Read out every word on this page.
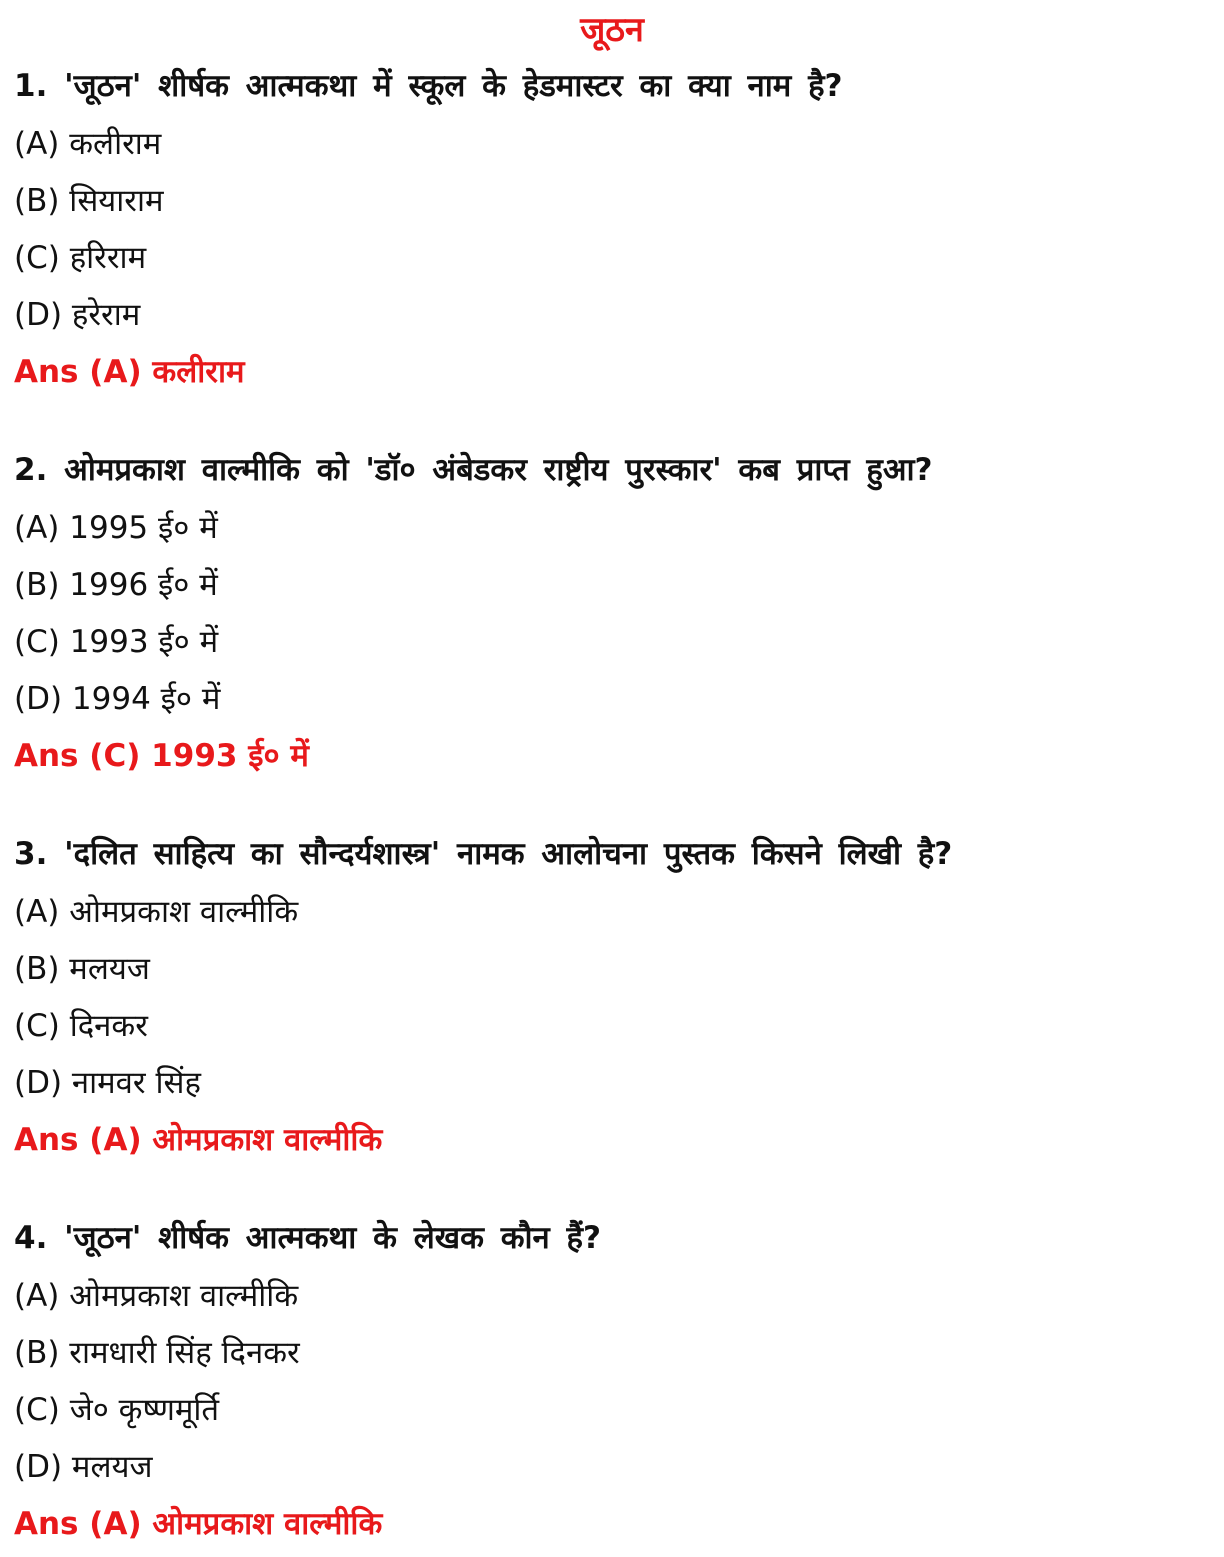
जूठन
1. 'जूठन' शीर्षक आत्मकथा में स्कूल के हेडमास्टर का क्या नाम है?
(A) कलीराम
(B) सियाराम
(C) हरिराम
(D) हरेराम
Ans (A) कलीराम
2. ओमप्रकाश वाल्मीकि को 'डॉ० अंबेडकर राष्ट्रीय पुरस्कार' कब प्राप्त हुआ?
(A) 1995 ई० में
(B) 1996 ई० में
(C) 1993 ई० में
(D) 1994 ई० में
Ans (C) 1993 ई० में
3. 'दलित साहित्य का सौन्दर्यशास्त्र' नामक आलोचना पुस्तक किसने लिखी है?
(A) ओमप्रकाश वाल्मीकि
(B) मलयज
(C) दिनकर
(D) नामवर सिंह
Ans (A) ओमप्रकाश वाल्मीकि
4. 'जूठन' शीर्षक आत्मकथा के लेखक कौन हैं?
(A) ओमप्रकाश वाल्मीकि
(B) रामधारी सिंह दिनकर
(C) जे० कृष्णमूर्ति
(D) मलयज
Ans (A) ओमप्रकाश वाल्मीकि
